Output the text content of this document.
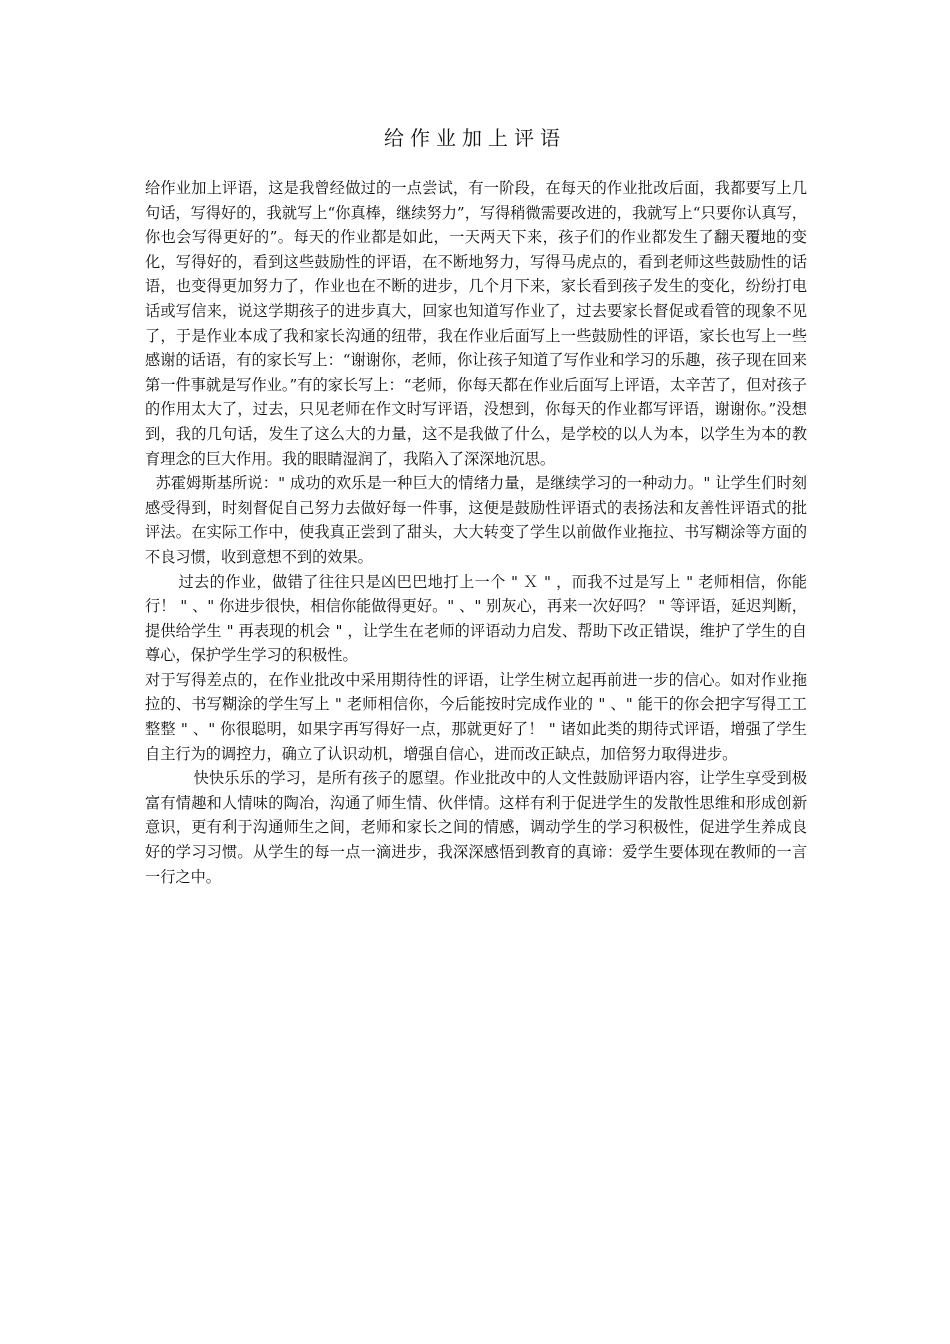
给作业加上评语

给作业加上评语，这是我曾经做过的一点尝试，有一阶段，在每天的作业批改后面，我都要写上几句话，写得好的，我就写上“你真棒，继续努力”，写得稍微需要改进的，我就写上“只要你认真写，你也会写得更好的”。每天的作业都是如此，一天两天下来，孩子们的作业都发生了翻天覆地的变化，写得好的，看到这些鼓励性的评语，在不断地努力，写得马虎点的，看到老师这些鼓励性的话语，也变得更加努力了，作业也在不断的进步，几个月下来，家长看到孩子发生的变化，纷纷打电话或写信来，说这学期孩子的进步真大，回家也知道写作业了，过去要家长督促或看管的现象不见了，于是作业本成了我和家长沟通的纽带，我在作业后面写上一些鼓励性的评语，家长也写上一些感谢的话语，有的家长写上：“谢谢你，老师，你让孩子知道了写作业和学习的乐趣，孩子现在回来第一件事就是写作业。”有的家长写上：“老师，你每天都在作业后面写上评语，太辛苦了，但对孩子的作用太大了，过去，只见老师在作文时写评语，没想到，你每天的作业都写评语，谢谢你。”没想到，我的几句话，发生了这么大的力量，这不是我做了什么，是学校的以人为本，以学生为本的教育理念的巨大作用。我的眼睛湿润了，我陷入了深深地沉思。

苏霍姆斯基所说：" 成功的欢乐是一种巨大的情绪力量，是继续学习的一种动力。" 让学生们时刻感受得到，时刻督促自己努力去做好每一件事，这便是鼓励性评语式的表扬法和友善性评语式的批评法。在实际工作中，使我真正尝到了甜头，大大转变了学生以前做作业拖拉、书写糊涂等方面的不良习惯，收到意想不到的效果。

过去的作业，做错了往往只是凶巴巴地打上一个 " Ｘ " ，而我不过是写上 " 老师相信，你能行！ " 、" 你进步很快，相信你能做得更好。" 、" 别灰心，再来一次好吗？ " 等评语，延迟判断，提供给学生 " 再表现的机会 " ，让学生在老师的评语动力启发、帮助下改正错误，维护了学生的自尊心，保护学生学习的积极性。

对于写得差点的，在作业批改中采用期待性的评语，让学生树立起再前进一步的信心。如对作业拖拉的、书写糊涂的学生写上 " 老师相信你，今后能按时完成作业的 " 、" 能干的你会把字写得工工整整 " 、" 你很聪明，如果字再写得好一点，那就更好了！ " 诸如此类的期待式评语，增强了学生自主行为的调控力，确立了认识动机，增强自信心，进而改正缺点，加倍努力取得进步。

快快乐乐的学习，是所有孩子的愿望。作业批改中的人文性鼓励评语内容，让学生享受到极富有情趣和人情味的陶冶，沟通了师生情、伙伴情。这样有利于促进学生的发散性思维和形成创新意识，更有利于沟通师生之间，老师和家长之间的情感，调动学生的学习积极性，促进学生养成良好的学习习惯。从学生的每一点一滴进步，我深深感悟到教育的真谛：爱学生要体现在教师的一言一行之中。
